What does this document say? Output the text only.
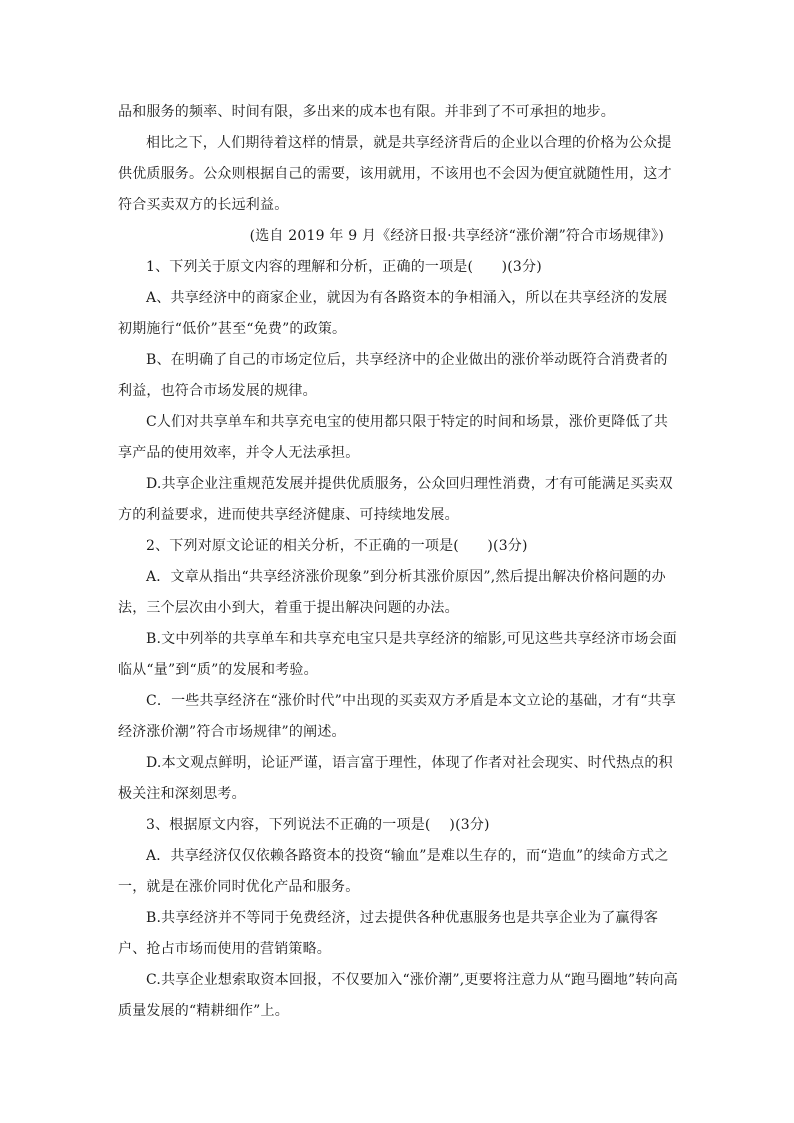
品和服务的频率、时间有限，多出来的成本也有限。并非到了不可承担的地步。

相比之下，人们期待着这样的情景，就是共享经济背后的企业以合理的价格为公众提供优质服务。公众则根据自己的需要，该用就用，不该用也不会因为便宜就随性用，这才符合买卖双方的长远利益。

(选自 2019 年 9 月《经济日报·共享经济“涨价潮”符合市场规律》)

1、下列关于原文内容的理解和分析，正确的一项是(　　)(3分)

A、共享经济中的商家企业，就因为有各路资本的争相涌入，所以在共享经济的发展初期施行“低价”甚至“免费”的政策。

B、在明确了自己的市场定位后，共享经济中的企业做出的涨价举动既符合消费者的利益，也符合市场发展的规律。

C人们对共享单车和共享充电宝的使用都只限于特定的时间和场景，涨价更降低了共享产品的使用效率，并令人无法承担。

D.共享企业注重规范发展并提供优质服务，公众回归理性消费，才有可能满足买卖双方的利益要求，进而使共享经济健康、可持续地发展。

2、下列对原文论证的相关分析，不正确的一项是(　　)(3分)

A．文章从指出“共享经济涨价现象”到分析其涨价原因”,然后提出解决价格问题的办法，三个层次由小到大，着重于提出解决问题的办法。

B.文中列举的共享单车和共享充电宝只是共享经济的缩影,可见这些共享经济市场会面临从“量”到“质”的发展和考验。

C．一些共享经济在“涨价时代”中出现的买卖双方矛盾是本文立论的基础，才有“共享经济涨价潮”符合市场规律”的阐述。

D.本文观点鲜明，论证严谨，语言富于理性，体现了作者对社会现实、时代热点的积极关注和深刻思考。

3、根据原文内容，下列说法不正确的一项是(　 )(3分)

A．共享经济仅仅依赖各路资本的投资“输血”是难以生存的，而“造血”的续命方式之一，就是在涨价同时优化产品和服务。

B.共享经济并不等同于免费经济，过去提供各种优惠服务也是共享企业为了赢得客户、抢占市场而使用的营销策略。

C.共享企业想索取资本回报，不仅要加入“涨价潮”,更要将注意力从“跑马圈地”转向高质量发展的“精耕细作”上。
